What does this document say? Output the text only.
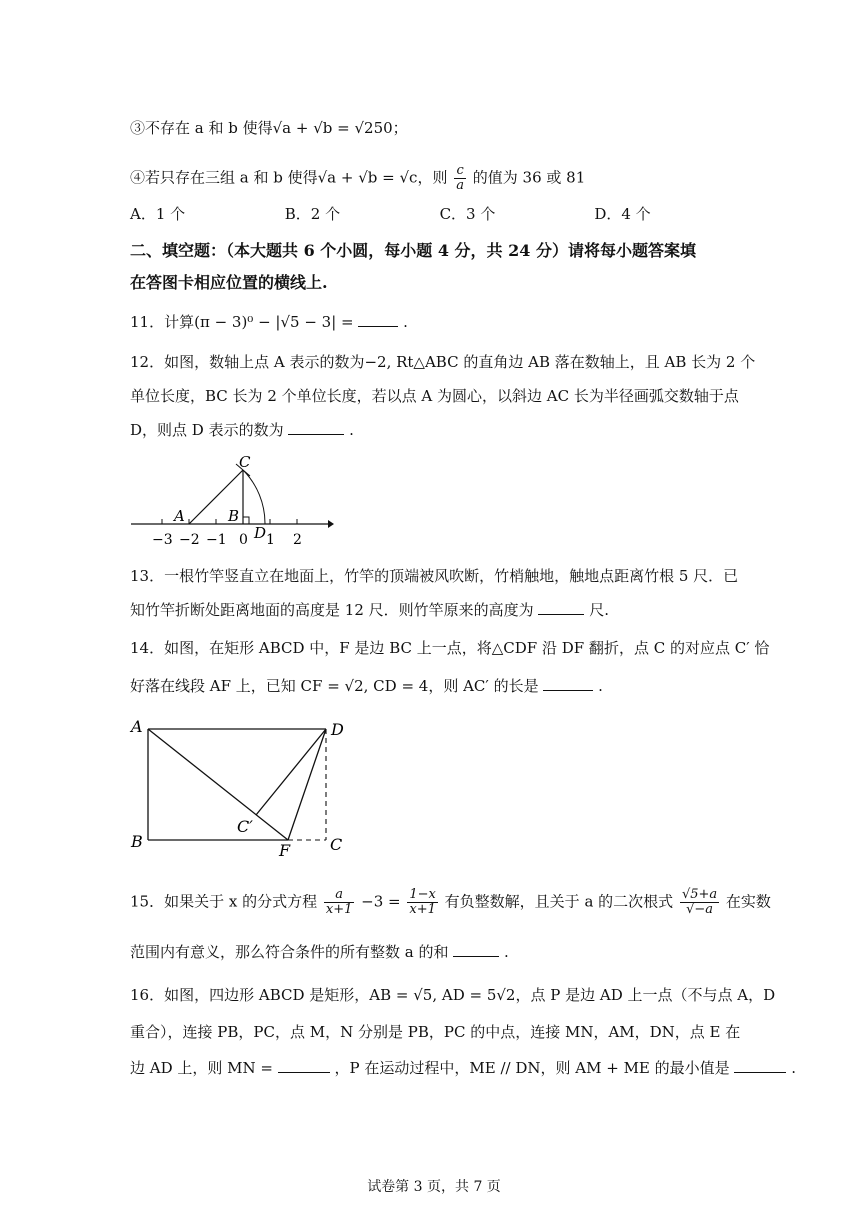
③不存在 a 和 b 使得√a + √b = √250；
④若只存在三组 a 和 b 使得√a + √b = √c，则 $\frac{c}{a}$ 的值为 36 或 81
A．1 个	B．2 个	C．3 个	D．4 个
二、填空题：（本大题共 6 个小圆，每小题 4 分，共 24 分）请将每小题答案填
在答图卡相应位置的横线上.
11．计算(π − 3)⁰ − |√5 − 3| =	.
12．如图，数轴上点 A 表示的数为−2, Rt△ABC 的直角边 AB 落在数轴上，且 AB 长为 2 个
单位长度，BC 长为 2 个单位长度，若以点 A 为圆心，以斜边 AC 长为半径画弧交数轴于点
D，则点 D 表示的数为	.
C
A	B
D
−3 −2 −1 0 1 2
13．一根竹竿竖直立在地面上，竹竿的顶端被风吹断，竹梢触地，触地点距离竹根 5 尺．已
知竹竿折断处距离地面的高度是 12 尺．则竹竿原来的高度为	尺.
14．如图，在矩形 ABCD 中，F 是边 BC 上一点，将△CDF 沿 DF 翻折，点 C 的对应点 C′ 恰
好落在线段 AF 上，已知 CF = √2, CD = 4，则 AC′ 的长是	.
A	D
B	C
F
C′
15．如果关于 x 的分式方程 $\frac{a}{x+1} -3 = \frac{1-x}{x+1}$ 有负整数解，且关于 a 的二次根式 $\frac{√5+a}{√-a}$ 在实数
范围内有意义，那么符合条件的所有整数 a 的和	.
16．如图，四边形 ABCD 是矩形，AB = √5, AD = 5√2，点 P 是边 AD 上一点（不与点 A，D
重合），连接 PB，PC，点 M，N 分别是 PB，PC 的中点，连接 MN，AM，DN，点 E 在
边 AD 上，则 MN =	，P 在运动过程中，ME // DN，则 AM + ME 的最小值是	.
试卷第 3 页，共 7 页
